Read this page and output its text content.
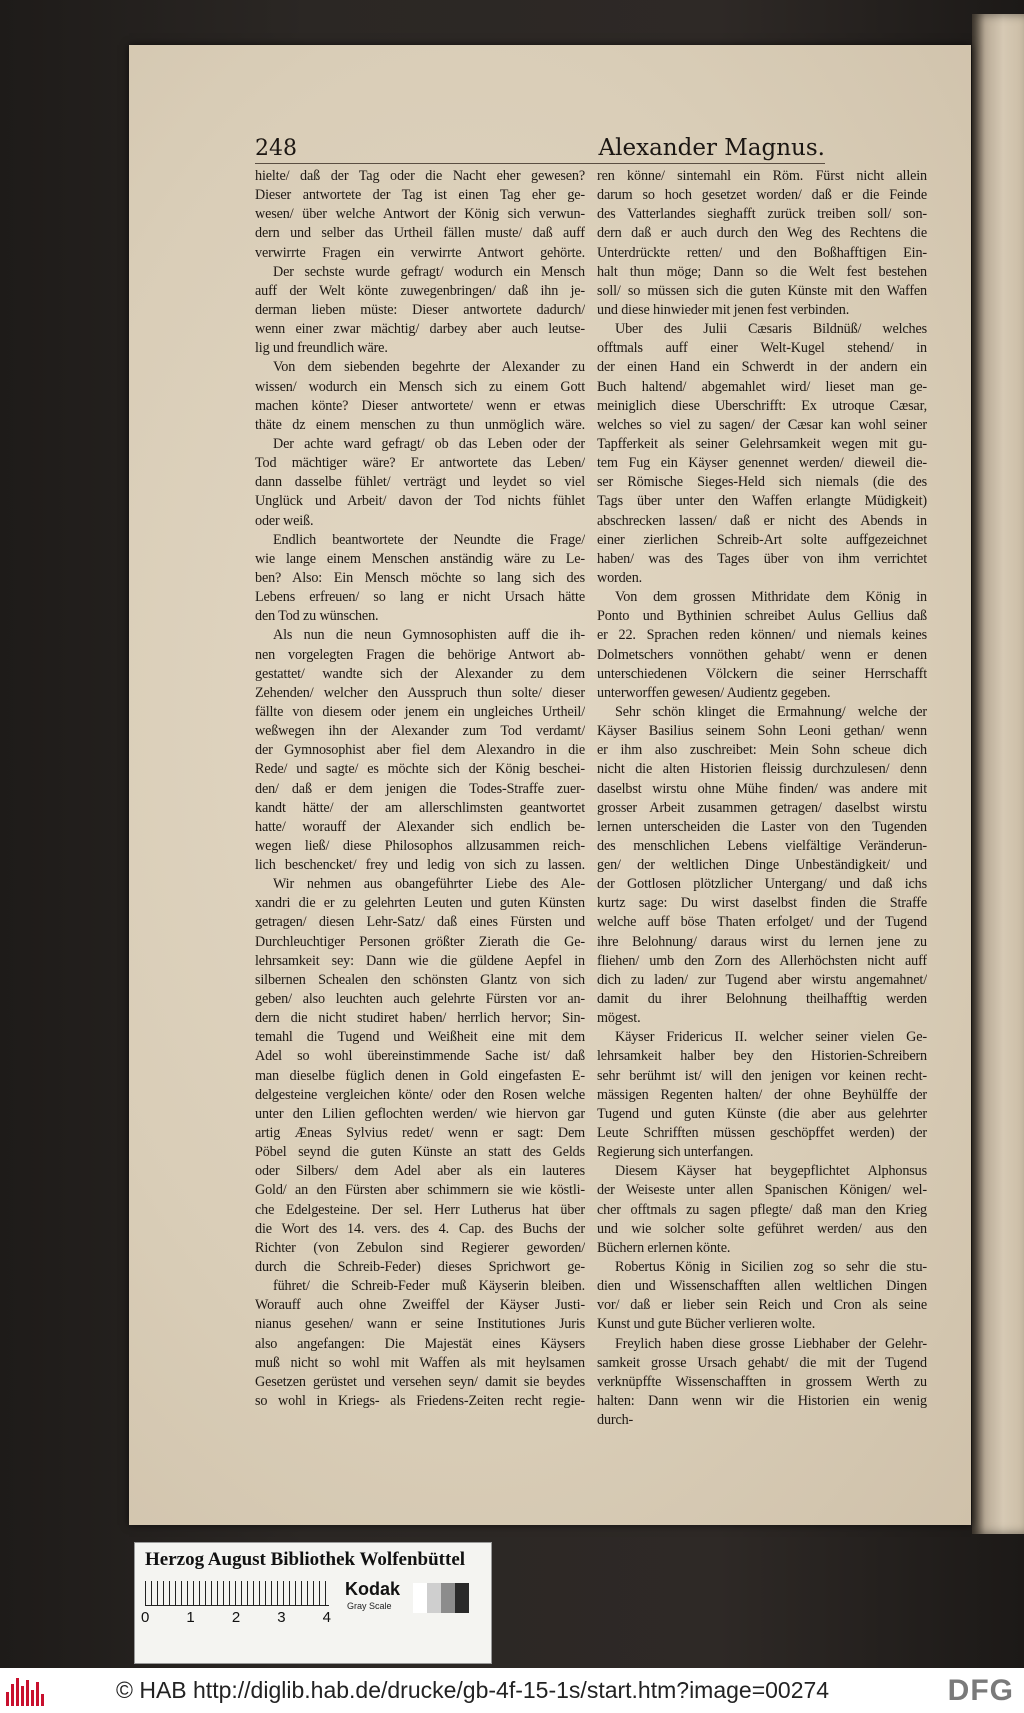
248	Alexander Magnus.
hielte/ daß der Tag oder die Nacht eher gewesen?
Dieser antwortete der Tag ist einen Tag eher ge-
wesen/ über welche Antwort der König sich verwun-
dern und selber das Urtheil fällen muste/ daß auff
verwirrte Fragen ein verwirrte Antwort gehörte.
Der sechste wurde gefragt/ wodurch ein Mensch
auff der Welt könte zuwegenbringen/ daß ihn je-
derman lieben müste: Dieser antwortete dadurch/
wenn einer zwar mächtig/ darbey aber auch leutse-
lig und freundlich wäre.
Von dem siebenden begehrte der Alexander zu
wissen/ wodurch ein Mensch sich zu einem Gott
machen könte? Dieser antwortete/ wenn er etwas
thäte dz einem menschen zu thun unmöglich wäre.
Der achte ward gefragt/ ob das Leben oder der
Tod mächtiger wäre? Er antwortete das Leben/
dann dasselbe fühlet/ verträgt und leydet so viel
Unglück und Arbeit/ davon der Tod nichts fühlet
oder weiß.
Endlich beantwortete der Neundte die Frage/
wie lange einem Menschen anständig wäre zu Le-
ben? Also: Ein Mensch möchte so lang sich des
Lebens erfreuen/ so lang er nicht Ursach hätte
den Tod zu wünschen.
Als nun die neun Gymnosophisten auff die ih-
nen vorgelegten Fragen die behörige Antwort ab-
gestattet/ wandte sich der Alexander zu dem
Zehenden/ welcher den Ausspruch thun solte/ dieser
fällte von diesem oder jenem ein ungleiches Urtheil/
weßwegen ihn der Alexander zum Tod verdamt/
der Gymnosophist aber fiel dem Alexandro in die
Rede/ und sagte/ es möchte sich der König beschei-
den/ daß er dem jenigen die Todes-Straffe zuer-
kandt hätte/ der am allerschlimsten geantwortet
hatte/ worauff der Alexander sich endlich be-
wegen ließ/ diese Philosophos allzusammen reich-
lich beschencket/ frey und ledig von sich zu lassen.
Wir nehmen aus obangeführter Liebe des Ale-
xandri die er zu gelehrten Leuten und guten Künsten
getragen/ diesen Lehr-Satz/ daß eines Fürsten und
Durchleuchtiger Personen größter Zierath die Ge-
lehrsamkeit sey: Dann wie die güldene Aepfel in
silbernen Schealen den schönsten Glantz von sich
geben/ also leuchten auch gelehrte Fürsten vor an-
dern die nicht studiret haben/ herrlich hervor; Sin-
temahl die Tugend und Weißheit eine mit dem
Adel so wohl übereinstimmende Sache ist/ daß
man dieselbe füglich denen in Gold eingefasten E-
delgesteine vergleichen könte/ oder den Rosen welche
unter den Lilien geflochten werden/ wie hiervon gar
artig Æneas Sylvius redet/ wenn er sagt: Dem
Pöbel seynd die guten Künste an statt des Gelds
oder Silbers/ dem Adel aber als ein lauteres
Gold/ an den Fürsten aber schimmern sie wie köstli-
che Edelgesteine. Der sel. Herr Lutherus hat über
die Wort des 14. vers. des 4. Cap. des Buchs der
Richter (von Zebulon sind Regierer geworden/
durch die Schreib-Feder) dieses Sprichwort ge-
führet/ die Schreib-Feder muß Käyserin bleiben.
Worauff auch ohne Zweiffel der Käyser Justi-
nianus gesehen/ wann er seine Institutiones Juris
also angefangen: Die Majestät eines Käysers
muß nicht so wohl mit Waffen als mit heylsamen
Gesetzen gerüstet und versehen seyn/ damit sie beydes
so wohl in Kriegs- als Friedens-Zeiten recht regie-
ren könne/ sintemahl ein Röm. Fürst nicht allein
darum so hoch gesetzet worden/ daß er die Feinde
des Vatterlandes sieghafft zurück treiben soll/ son-
dern daß er auch durch den Weg des Rechtens die
Unterdrückte retten/ und den Boßhafftigen Ein-
halt thun möge; Dann so die Welt fest bestehen
soll/ so müssen sich die guten Künste mit den Waffen
und diese hinwieder mit jenen fest verbinden.
Uber des Julii Cæsaris Bildnüß/ welches
offtmals auff einer Welt-Kugel stehend/ in
der einen Hand ein Schwerdt in der andern ein
Buch haltend/ abgemahlet wird/ lieset man ge-
meiniglich diese Uberschrifft: Ex utroque Cæsar,
welches so viel zu sagen/ der Cæsar kan wohl seiner
Tapfferkeit als seiner Gelehrsamkeit wegen mit gu-
tem Fug ein Käyser genennet werden/ dieweil die-
ser Römische Sieges-Held sich niemals (die des
Tags über unter den Waffen erlangte Müdigkeit)
abschrecken lassen/ daß er nicht des Abends in
einer zierlichen Schreib-Art solte auffgezeichnet
haben/ was des Tages über von ihm verrichtet
worden.
Von dem grossen Mithridate dem König in
Ponto und Bythinien schreibet Aulus Gellius daß
er 22. Sprachen reden können/ und niemals keines
Dolmetschers vonnöthen gehabt/ wenn er denen
unterschiedenen Völckern die seiner Herrschafft
unterworffen gewesen/ Audientz gegeben.
Sehr schön klinget die Ermahnung/ welche der
Käyser Basilius seinem Sohn Leoni gethan/ wenn
er ihm also zuschreibet: Mein Sohn scheue dich
nicht die alten Historien fleissig durchzulesen/ denn
daselbst wirstu ohne Mühe finden/ was andere mit
grosser Arbeit zusammen getragen/ daselbst wirstu
lernen unterscheiden die Laster von den Tugenden
des menschlichen Lebens vielfältige Veränderun-
gen/ der weltlichen Dinge Unbeständigkeit/ und
der Gottlosen plötzlicher Untergang/ und daß ichs
kurtz sage: Du wirst daselbst finden die Straffe
welche auff böse Thaten erfolget/ und der Tugend
ihre Belohnung/ daraus wirst du lernen jene zu
fliehen/ umb den Zorn des Allerhöchsten nicht auff
dich zu laden/ zur Tugend aber wirstu angemahnet/
damit du ihrer Belohnung theilhafftig werden
mögest.
Käyser Fridericus II. welcher seiner vielen Ge-
lehrsamkeit halber bey den Historien-Schreibern
sehr berühmt ist/ will den jenigen vor keinen recht-
mässigen Regenten halten/ der ohne Beyhülffe der
Tugend und guten Künste (die aber aus gelehrter
Leute Schrifften müssen geschöpffet werden) der
Regierung sich unterfangen.
Diesem Käyser hat beygepflichtet Alphonsus
der Weiseste unter allen Spanischen Königen/ wel-
cher offtmals zu sagen pflegte/ daß man den Krieg
und wie solcher solte geführet werden/ aus den
Büchern erlernen könte.
Robertus König in Sicilien zog so sehr die stu-
dien und Wissenschafften allen weltlichen Dingen
vor/ daß er lieber sein Reich und Cron als seine
Kunst und gute Bücher verlieren wolte.
Freylich haben diese grosse Liebhaber der Gelehr-
samkeit grosse Ursach gehabt/ die mit der Tugend
verknüpffte Wissenschafften in grossem Werth zu
halten: Dann wenn wir die Historien ein wenig
durch-
Herzog August Bibliothek Wolfenbüttel
0 1 2 3 4
Kodak
Gray Scale
© HAB http://diglib.hab.de/drucke/gb-4f-15-1s/start.htm?image=00274	DFG
